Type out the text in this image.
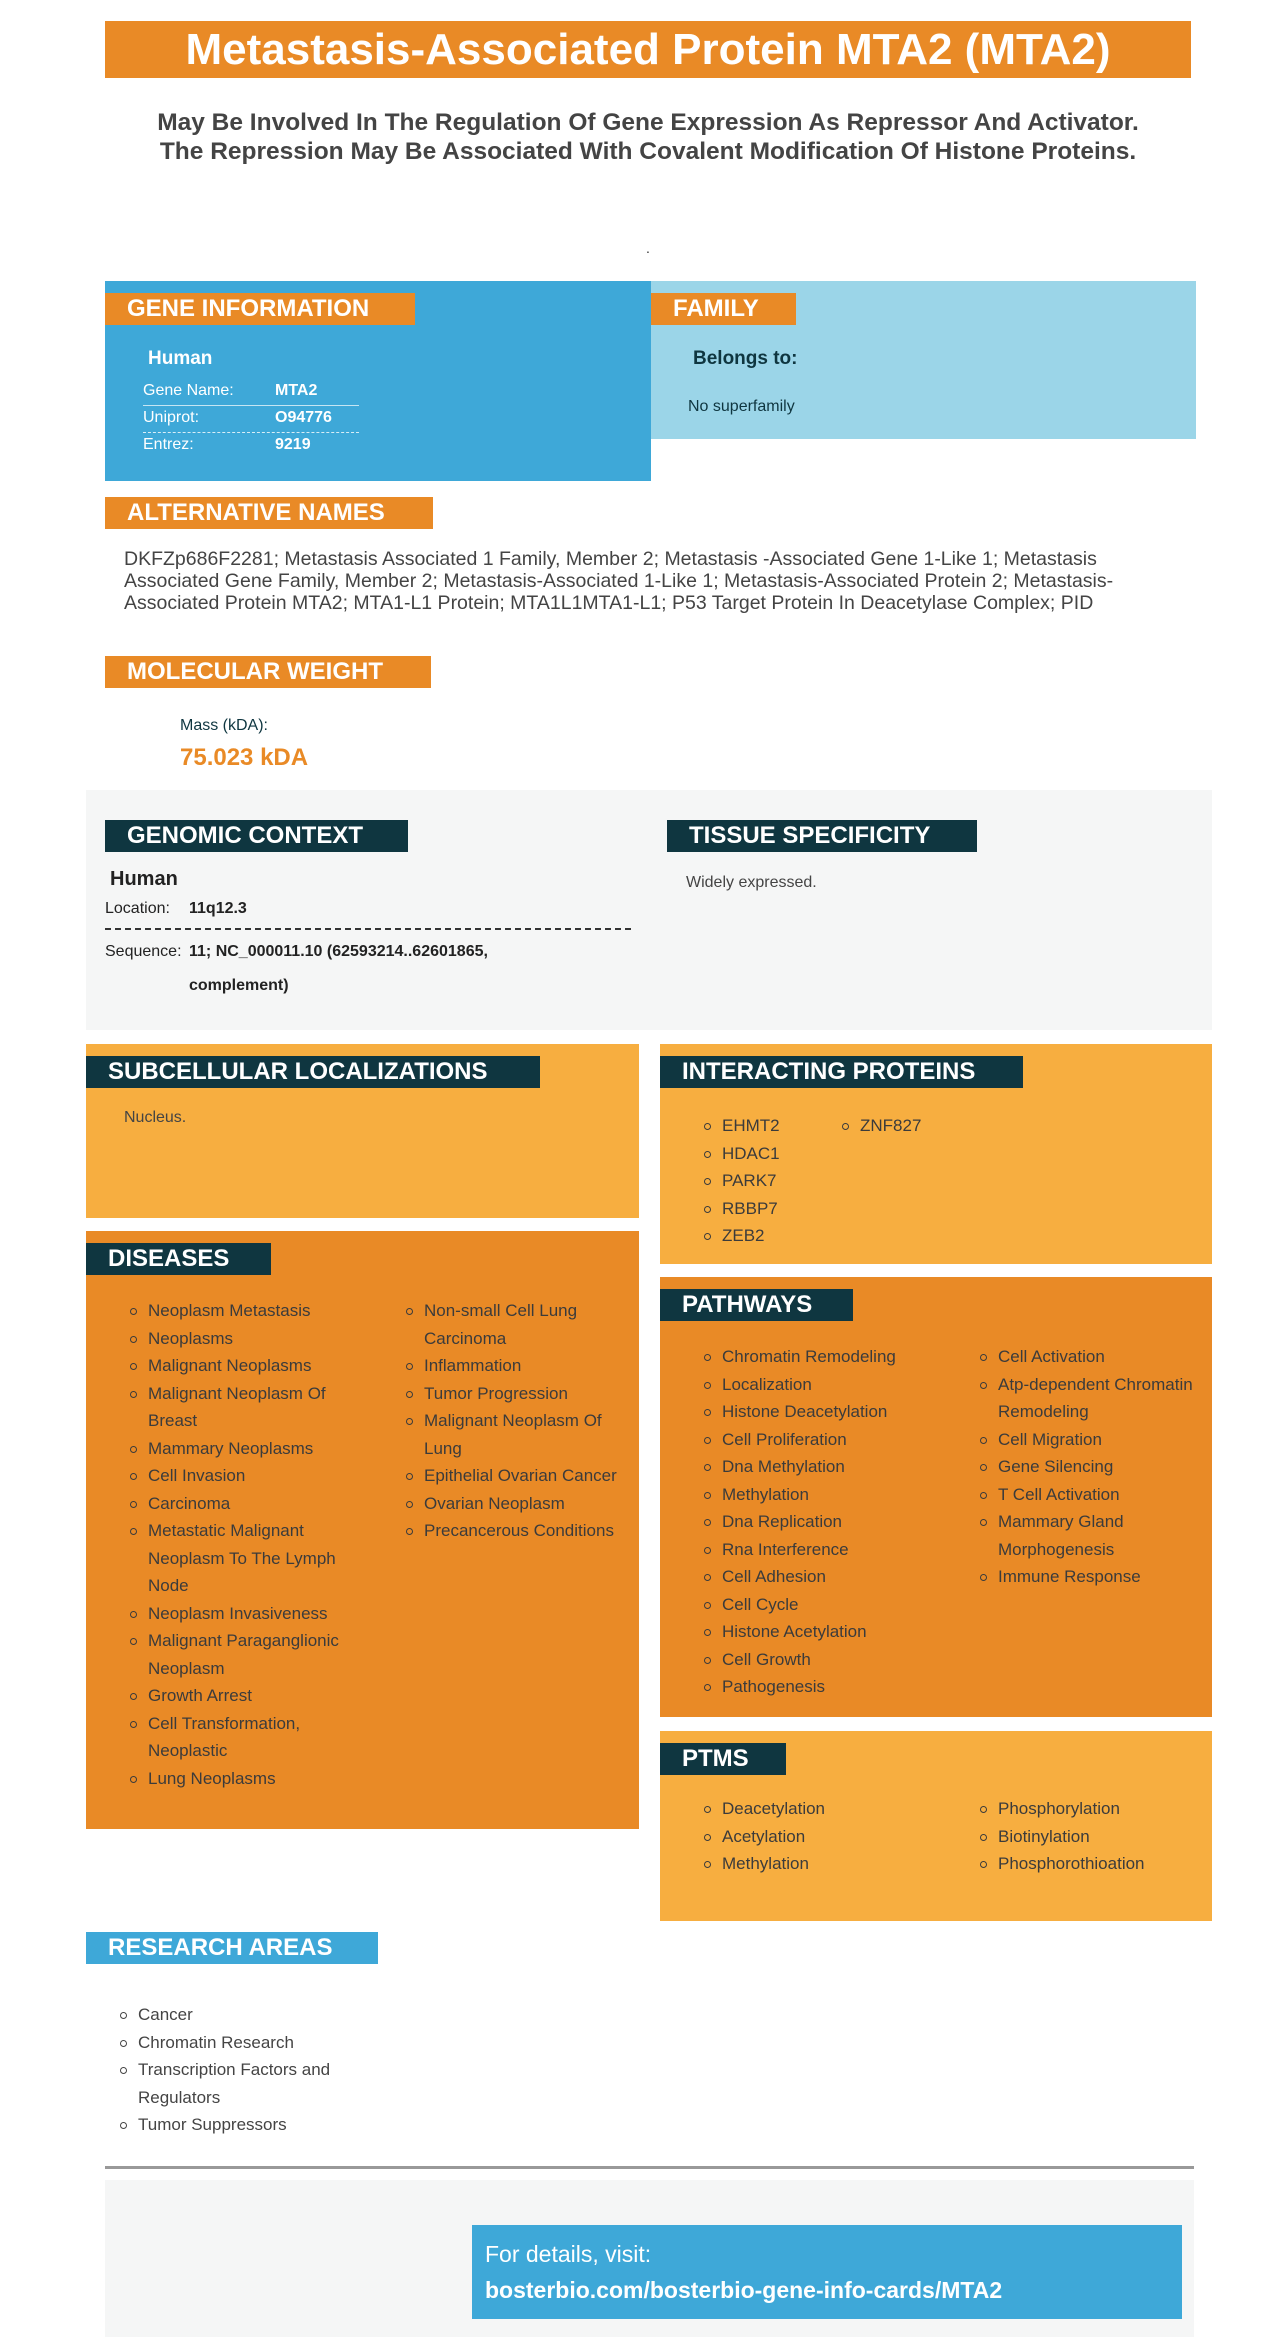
Metastasis-Associated Protein MTA2 (MTA2)
May Be Involved In The Regulation Of Gene Expression As Repressor And Activator. The Repression May Be Associated With Covalent Modification Of Histone Proteins.
.
GENE INFORMATION
Human
Gene Name:	MTA2
Uniprot:	O94776
Entrez:	9219
FAMILY
Belongs to:
No superfamily
ALTERNATIVE NAMES
DKFZp686F2281; Metastasis Associated 1 Family, Member 2; Metastasis -Associated Gene 1-Like 1; Metastasis Associated Gene Family, Member 2; Metastasis-Associated 1-Like 1; Metastasis-Associated Protein 2; Metastasis-Associated Protein MTA2; MTA1-L1 Protein; MTA1L1MTA1-L1; P53 Target Protein In Deacetylase Complex; PID
MOLECULAR WEIGHT
Mass (kDA):
75.023 kDA
GENOMIC CONTEXT
Human
Location: 11q12.3
Sequence: 11; NC_000011.10 (62593214..62601865,
complement)
TISSUE SPECIFICITY
Widely expressed.
SUBCELLULAR LOCALIZATIONS
Nucleus.
INTERACTING PROTEINS
EHMT2
HDAC1
PARK7
RBBP7
ZEB2
ZNF827
DISEASES
Neoplasm Metastasis
Neoplasms
Malignant Neoplasms
Malignant Neoplasm Of Breast
Mammary Neoplasms
Cell Invasion
Carcinoma
Metastatic Malignant Neoplasm To The Lymph Node
Neoplasm Invasiveness
Malignant Paraganglionic Neoplasm
Growth Arrest
Cell Transformation, Neoplastic
Lung Neoplasms
Non-small Cell Lung Carcinoma
Inflammation
Tumor Progression
Malignant Neoplasm Of Lung
Epithelial Ovarian Cancer
Ovarian Neoplasm
Precancerous Conditions
PATHWAYS
Chromatin Remodeling
Localization
Histone Deacetylation
Cell Proliferation
Dna Methylation
Methylation
Dna Replication
Rna Interference
Cell Adhesion
Cell Cycle
Histone Acetylation
Cell Growth
Pathogenesis
Cell Activation
Atp-dependent Chromatin Remodeling
Cell Migration
Gene Silencing
T Cell Activation
Mammary Gland Morphogenesis
Immune Response
PTMS
Deacetylation
Acetylation
Methylation
Phosphorylation
Biotinylation
Phosphorothioation
RESEARCH AREAS
Cancer
Chromatin Research
Transcription Factors and Regulators
Tumor Suppressors
For details, visit:
bosterbio.com/bosterbio-gene-info-cards/MTA2
